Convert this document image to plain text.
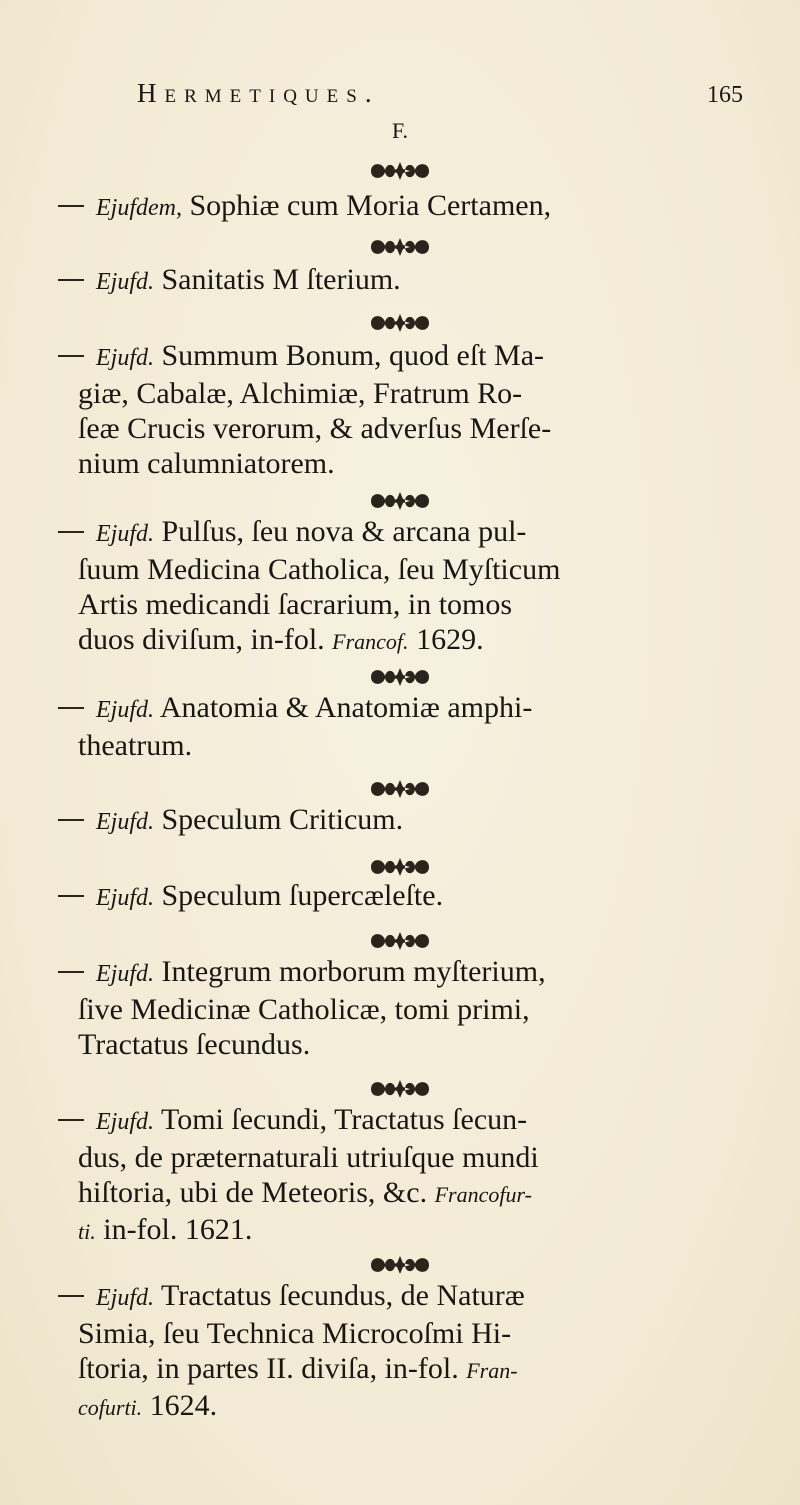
Hermetiques.	165
F.
Ejufdem, Sophiæ cum Moria Certamen,
Ejufd. Sanitatis M ſterium.
Ejufd. Summum Bonum, quod eſt Ma-
giæ, Cabalæ, Alchimiæ, Fratrum Ro-
ſeæ Crucis verorum, & adverſus Merſe-
nium calumniatorem.
Ejufd. Pulſus, ſeu nova & arcana pul-
ſuum Medicina Catholica, ſeu Myſticum
Artis medicandi ſacrarium, in tomos
duos diviſum, in-fol. Francof. 1629.
Ejufd. Anatomia & Anatomiæ amphi-
theatrum.
Ejufd. Speculum Criticum.
Ejufd. Speculum ſupercæleſte.
Ejufd. Integrum morborum myſterium,
ſive Medicinæ Catholicæ, tomi primi,
Tractatus ſecundus.
Ejufd. Tomi ſecundi, Tractatus ſecun-
dus, de præternaturali utriuſque mundi
hiſtoria, ubi de Meteoris, &c. Francofur-
ti. in-fol. 1621.
Ejufd. Tractatus ſecundus, de Naturæ
Simia, ſeu Technica Microcoſmi Hi-
ſtoria, in partes II. diviſa, in-fol. Fran-
cofurti. 1624.
